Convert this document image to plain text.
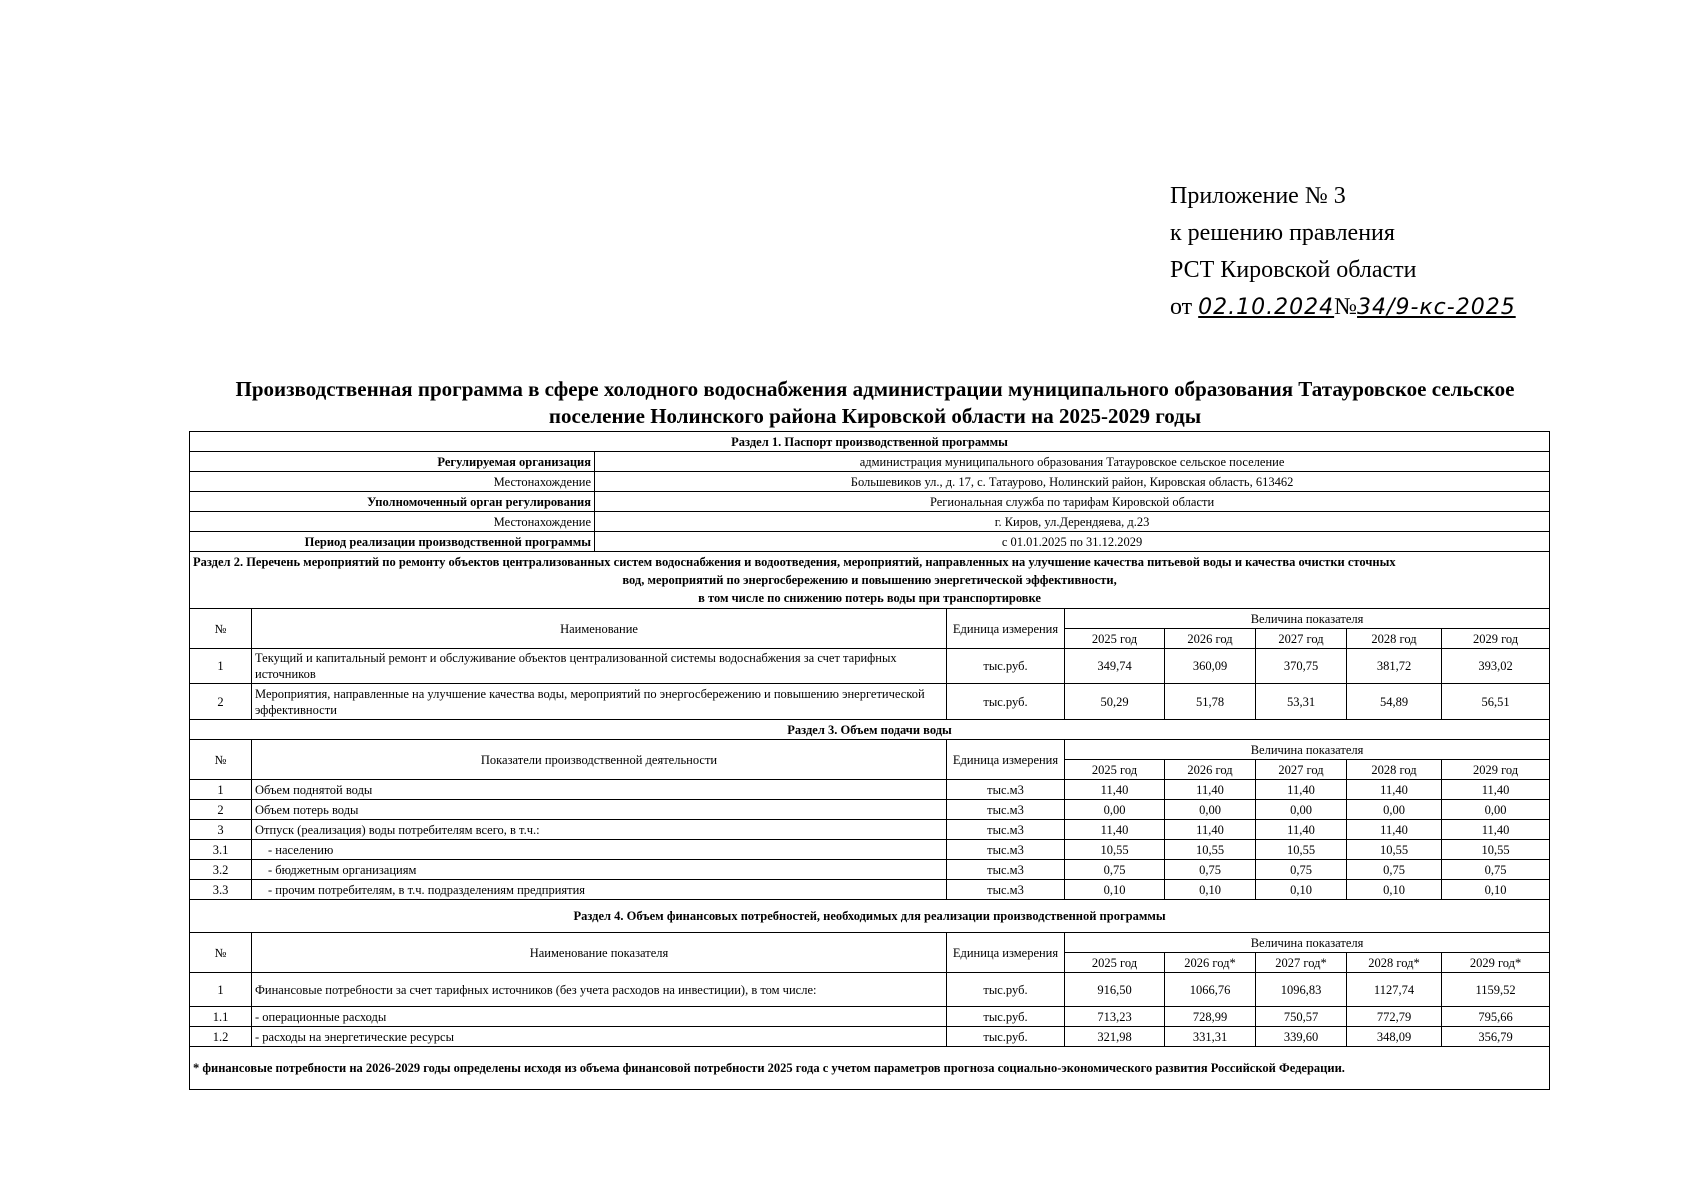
Приложение № 3
к решению правления
РСТ Кировской области
от 02.10.2024№34/9-кс-2025
Производственная программа в сфере холодного водоснабжения администрации муниципального образования Татауровское сельское поселение Нолинского района Кировской области на 2025-2029 годы
Раздел 1. Паспорт производственной программы								
Регулируемая организация		администрация муниципального образования Татауровское сельское поселение						
Местонахождение		Большевиков ул., д. 17, с. Татаурово, Нолинский район, Кировская область, 613462						
Уполномоченный орган регулирования		Региональная служба по тарифам Кировской области						
Местонахождение		г. Киров, ул.Дерендяева, д.23						
Период реализации производственной программы		с 01.01.2025 по 31.12.2029						

Раздел 2. Перечень мероприятий по ремонту объектов централизованных систем водоснабжения и водоотведения, мероприятий, направленных на улучшение качества питьевой воды и качества очистки сточных
вод, мероприятий по энергосбережению и повышению энергетической эффективности,
в том числе по снижению потерь воды при транспортировке								

№	Наименование		Единица измерения	Величина показателя				
				2025 год	2026 год	2027 год	2028 год	2029 год
1	Текущий и капитальный ремонт и обслуживание объектов централизованной системы водоснабжения за счет тарифных источников		тыс.руб.	349,74	360,09	370,75	381,72	393,02
2	Мероприятия, направленные на улучшение качества воды, мероприятий по энергосбережению и повышению энергетической эффективности		тыс.руб.	50,29	51,78	53,31	54,89	56,51
Раздел 3. Объем подачи воды								
№	Показатели производственной деятельности		Единица измерения	Величина показателя				
				2025 год	2026 год	2027 год	2028 год	2029 год
1	Объем поднятой воды		тыс.м3	11,40	11,40	11,40	11,40	11,40
2	Объем потерь воды		тыс.м3	0,00	0,00	0,00	0,00	0,00
3	Отпуск (реализация) воды потребителям всего, в т.ч.:		тыс.м3	11,40	11,40	11,40	11,40	11,40
3.1	- населению		тыс.м3	10,55	10,55	10,55	10,55	10,55
3.2	- бюджетным организациям		тыс.м3	0,75	0,75	0,75	0,75	0,75
3.3	- прочим потребителям, в т.ч. подразделениям предприятия		тыс.м3	0,10	0,10	0,10	0,10	0,10
Раздел 4. Объем финансовых потребностей, необходимых для реализации производственной программы								
№	Наименование показателя		Единица измерения	Величина показателя				
				2025 год	2026 год*	2027 год*	2028 год*	2029 год*
1	Финансовые потребности за счет тарифных источников (без учета расходов на инвестиции), в том числе:		тыс.руб.	916,50	1066,76	1096,83	1127,74	1159,52
1.1	- операционные расходы		тыс.руб.	713,23	728,99	750,57	772,79	795,66
1.2	- расходы на энергетические ресурсы		тыс.руб.	321,98	331,31	339,60	348,09	356,79
* финансовые потребности на 2026-2029 годы определены исходя из объема финансовой потребности 2025 года с учетом параметров прогноза социально-экономического развития Российской Федерации.								
